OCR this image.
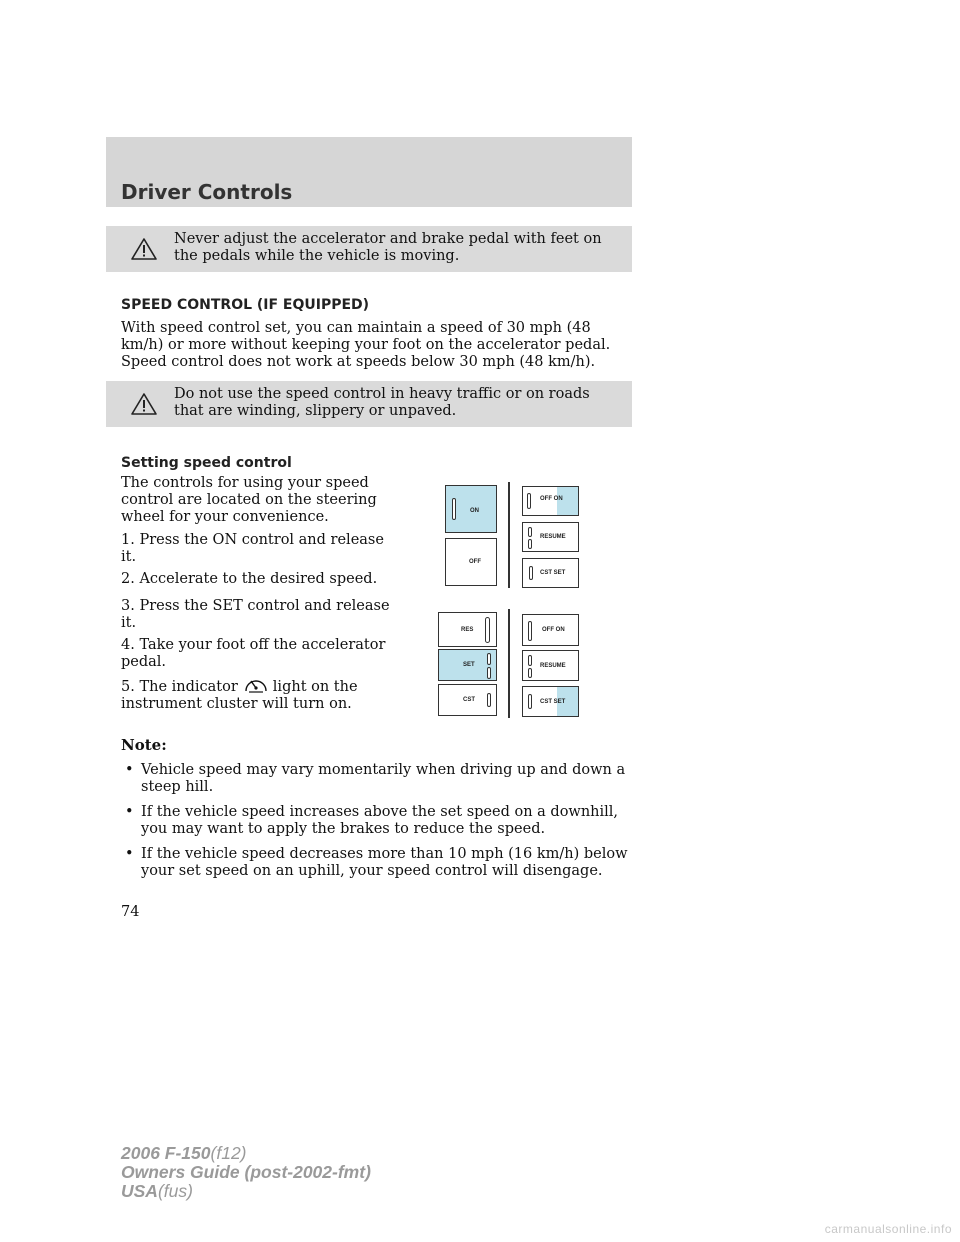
Driver Controls
Never adjust the accelerator and brake pedal with feet on the pedals while the vehicle is moving.
SPEED CONTROL (IF EQUIPPED)
With speed control set, you can maintain a speed of 30 mph (48 km/h) or more without keeping your foot on the accelerator pedal. Speed control does not work at speeds below 30 mph (48 km/h).
Do not use the speed control in heavy traffic or on roads that are winding, slippery or unpaved.
Setting speed control
The controls for using your speed control are located on the steering wheel for your convenience.
1. Press the ON control and release it.
2. Accelerate to the desired speed.
3. Press the SET control and release it.
4. Take your foot off the accelerator pedal.
5. The indicator light on the instrument cluster will turn on.
ON
OFF
OFF ON
RESUME
CST SET
RES
SET
CST
OFF ON
RESUME
CST SET
Note:
• Vehicle speed may vary momentarily when driving up and down a steep hill.
• If the vehicle speed increases above the set speed on a downhill, you may want to apply the brakes to reduce the speed.
• If the vehicle speed decreases more than 10 mph (16 km/h) below your set speed on an uphill, your speed control will disengage.
74
2006 F-150(f12)
Owners Guide (post-2002-fmt)
USA(fus)
carmanualsonline.info
